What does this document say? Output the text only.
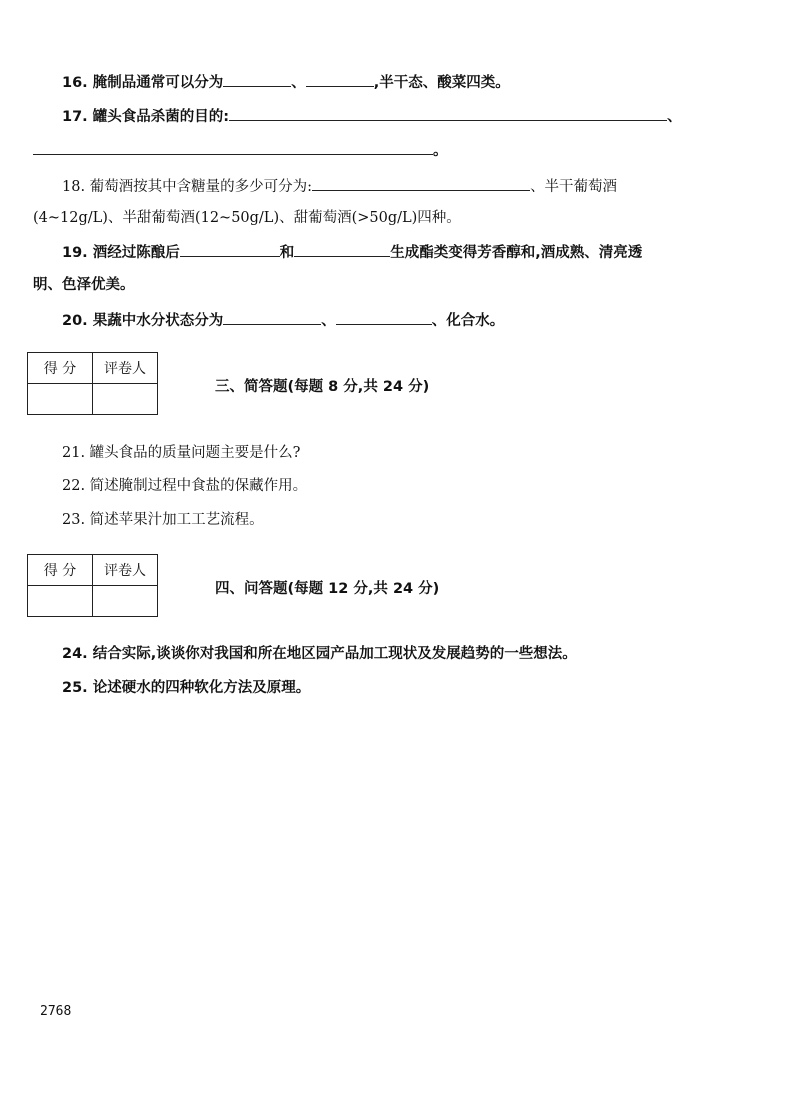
16. 腌制品通常可以分为	、	,半干态、酸菜四类。
17. 罐头食品杀菌的目的:	、
。
18. 葡萄酒按其中含糖量的多少可分为:	、半干葡萄酒
(4~12g/L)、半甜葡萄酒(12~50g/L)、甜葡萄酒(>50g/L)四种。
19. 酒经过陈酿后	和	生成酯类变得芳香醇和,酒成熟、清亮透
明、色泽优美。
20. 果蔬中水分状态分为	、	、化合水。
得 分	评卷人

三、简答题(每题 8 分,共 24 分)
21. 罐头食品的质量问题主要是什么?
22. 简述腌制过程中食盐的保藏作用。
23. 简述苹果汁加工工艺流程。
得 分	评卷人

四、问答题(每题 12 分,共 24 分)
24. 结合实际,谈谈你对我国和所在地区园产品加工现状及发展趋势的一些想法。
25. 论述硬水的四种软化方法及原理。
2768
